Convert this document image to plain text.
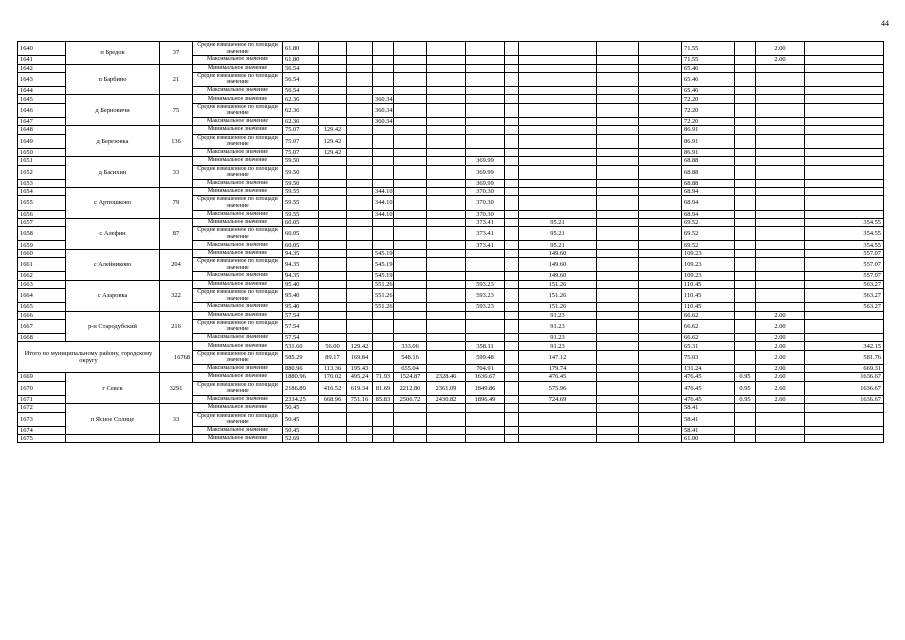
44
1640	п Бредок	37	Средне взвешенное по площади значение	61.80											71.55		2.00	
1641			Максимальное значение	61.80											71.55		2.00	
1642	п Барбино	21	Минимальное значение	56.54											65.46			
1643			Средне взвешенное по площади значение	56.54											65.46			
1644			Максимальное значение	56.54											65.46			
1645	д Берновичи	75	Минимальное значение	62.36			360.34								72.20			
1646			Средне взвешенное по площади значение	62.36			360.34								72.20			
1647			Максимальное значение	62.36			360.34								72.20			
1648	д Березовка	136	Минимальное значение	75.07	129.42										86.91			
1649			Средне взвешенное по площади значение	75.07	129.42										86.91			
1650			Максимальное значение	75.07	129.42										86.91			
1651	д Басихин	33	Минимальное значение	59.50						369.99					68.88			
1652			Средне взвешенное по площади значение	59.50						369.99					68.88			
1653			Максимальное значение	59.50						369.99					68.88			
1654	с Артюшково	79	Минимальное значение	59.55			344.10			370.30					68.94			
1655			Средне взвешенное по площади значение	59.55			344.10			370.30					68.94			
1656			Максимальное значение	59.55			344.10			370.30					68.94			
1657	с Алефин	87	Минимальное значение	60.05						373.41		95.21			69.52			354.55
1658			Средне взвешенное по площади значение	60.05						373.41		95.21			69.52			354.55
1659			Максимальное значение	60.05						373.41		95.21			69.52			354.55
1660	с Алейниково	204	Минимальное значение	94.35			545.19					149.60			109.23			557.07
1661			Средне взвешенное по площади значение	94.35			545.19					149.60			109.23			557.07
1662			Максимальное значение	94.35			545.19					149.60			109.23			557.07
1663	с Азаровка	322	Минимальное значение	95.40			551.26			593.23		151.26			110.45			563.27
1664			Средне взвешенное по площади значение	95.40			551.26			593.23		151.26			110.45			563.27
1665			Максимальное значение	95.40			551.26			593.23		151.26			110.45			563.27
1666	р-н Стародубский	216	Минимальное значение	57.54								91.23			66.62		2.00	
1667			Средне взвешенное по площади значение	57.54								91.23			66.62		2.00	
1668			Максимальное значение	57.54								91.23			66.62		2.00	
Итого по муниципальному району, городскому округу		16768	Минимальное значение	531.60	56.00	129.42		333.06		358.11		91.23			65.31		2.00	342.15
			Средне взвешенное по площади значение	585.29	89.17	169.84		548.16		599.48		147.12			75.03		2.00	581.76
			Максимальное значение	880.96	113.36	195.43		655.04		704.91		179.74			131.24		2.00	669.31
1669	г Севск	3291	Минимальное значение	1880.96	170.02	495.24	71.93	1524.87	2328.46	1636.67		476.45			476.45	0.95	2.60	1636.67
1670			Средне взвешенное по площади значение	2186.89	416.52	619.34	81.69	2212.80	2361.09	1849.86		575.96			476.45	0.95	2.60	1636.67
1671			Максимальное значение	2334.25	668.96	751.16	85.83	2506.72	2430.82	1896.49		724.69			476.45	0.95	2.60	1636.67
1672	п Ясное Солнце	33	Минимальное значение	50.45											58.41			
1673			Средне взвешенное по площади значение	50.45											58.41			
1674			Максимальное значение	50.45											58.41			
1675			Минимальное значение	52.69											61.00			
